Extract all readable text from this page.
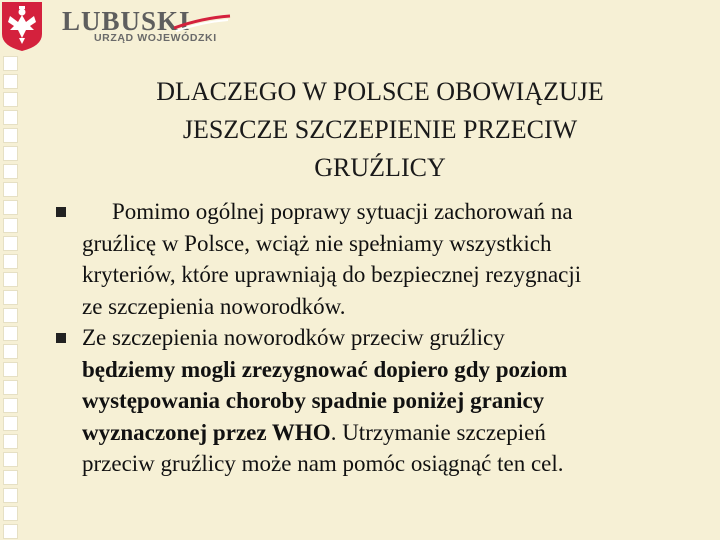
LUBUSKI
URZĄD WOJEWÓDZKI
DLACZEGO W POLSCE OBOWIĄZUJE
JESZCZE SZCZEPIENIE PRZECIW
GRUŹLICY
Pomimo ogólnej poprawy sytuacji zachorowań na
gruźlicę w Polsce, wciąż nie spełniamy wszystkich
kryteriów, które uprawniają do bezpiecznej rezygnacji
ze szczepienia noworodków.
Ze szczepienia noworodków przeciw gruźlicy
będziemy mogli zrezygnować dopiero gdy poziom
występowania choroby spadnie poniżej granicy
wyznaczonej przez WHO. Utrzymanie szczepień
przeciw gruźlicy może nam pomóc osiągnąć ten cel.
